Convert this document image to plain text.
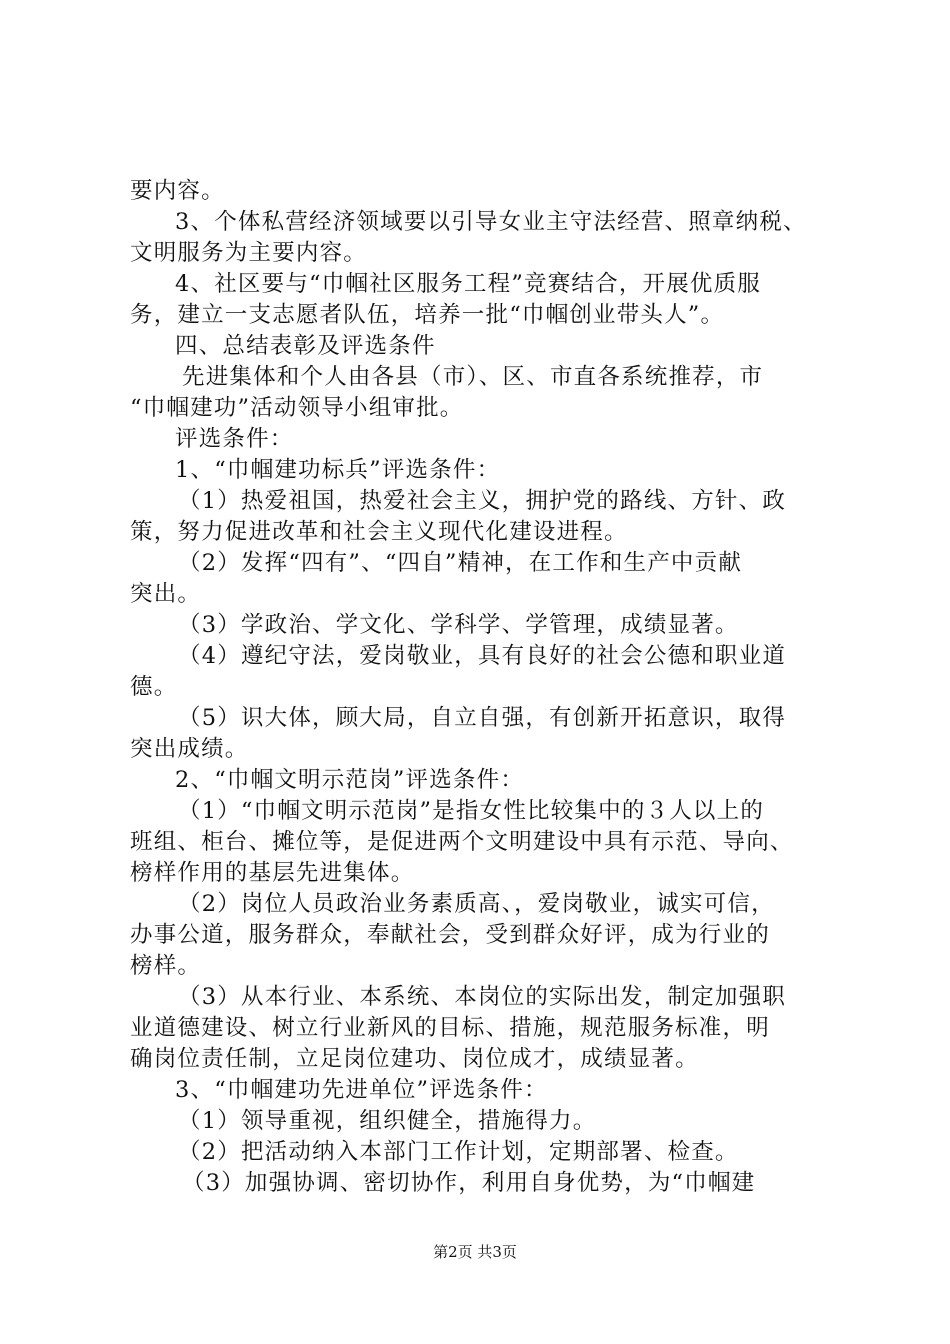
要内容。
3、个体私营经济领域要以引导女业主守法经营、照章纳税、
文明服务为主要内容。
4、社区要与“巾帼社区服务工程”竞赛结合，开展优质服
务，建立一支志愿者队伍，培养一批“巾帼创业带头人”。
四、总结表彰及评选条件
先进集体和个人由各县（市）、区、市直各系统推荐，市
“巾帼建功”活动领导小组审批。
评选条件：
1、“巾帼建功标兵”评选条件：
（1）热爱祖国，热爱社会主义，拥护党的路线、方针、政
策，努力促进改革和社会主义现代化建设进程。
（2）发挥“四有”、“四自”精神，在工作和生产中贡献
突出。
（3）学政治、学文化、学科学、学管理，成绩显著。
（4）遵纪守法，爱岗敬业，具有良好的社会公德和职业道
德。
（5）识大体，顾大局，自立自强，有创新开拓意识，取得
突出成绩。
2、“巾帼文明示范岗”评选条件：
（1）“巾帼文明示范岗”是指女性比较集中的３人以上的
班组、柜台、摊位等，是促进两个文明建设中具有示范、导向、
榜样作用的基层先进集体。
（2）岗位人员政治业务素质高、，爱岗敬业，诚实可信，
办事公道，服务群众，奉献社会，受到群众好评，成为行业的
榜样。
（3）从本行业、本系统、本岗位的实际出发，制定加强职
业道德建设、树立行业新风的目标、措施，规范服务标准，明
确岗位责任制，立足岗位建功、岗位成才，成绩显著。
3、“巾帼建功先进单位”评选条件：
（1）领导重视，组织健全，措施得力。
（2）把活动纳入本部门工作计划，定期部署、检查。
（3）加强协调、密切协作，利用自身优势，为“巾帼建
第2页 共3页
